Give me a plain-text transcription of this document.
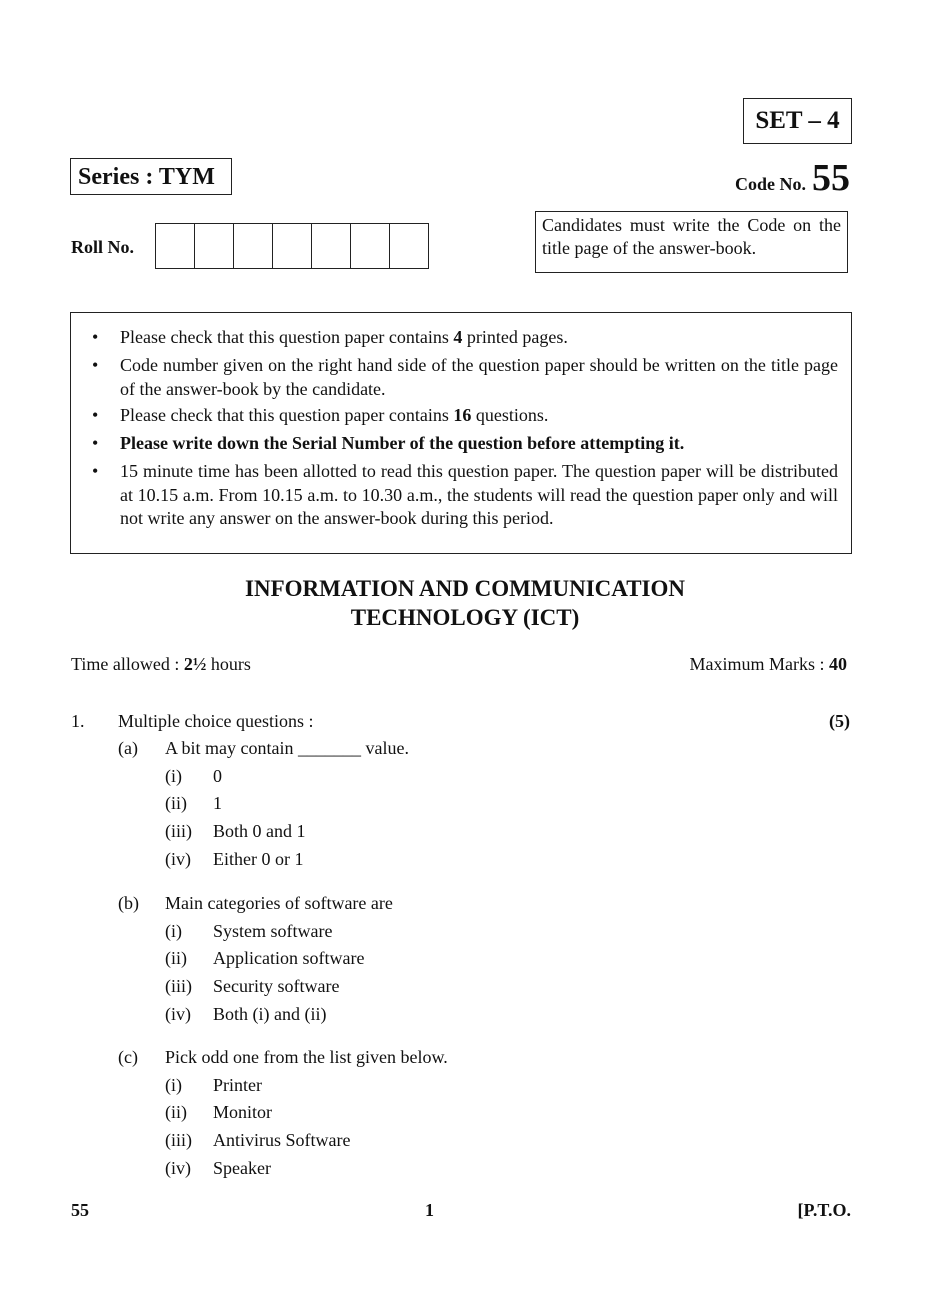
SET – 4
Series : TYM	Code No. 55
Roll No.
Candidates must write the Code on the title page of the answer-book.
• Please check that this question paper contains 4 printed pages.
• Code number given on the right hand side of the question paper should be written on the title page of the answer-book by the candidate.
• Please check that this question paper contains 16 questions.
• Please write down the Serial Number of the question before attempting it.
• 15 minute time has been allotted to read this question paper. The question paper will be distributed at 10.15 a.m. From 10.15 a.m. to 10.30 a.m., the students will read the question paper only and will not write any answer on the answer-book during this period.
INFORMATION AND COMMUNICATION
TECHNOLOGY (ICT)
Time allowed : 2½ hours	Maximum Marks : 40
1. Multiple choice questions :	(5)
(a) A bit may contain _______ value.
(i) 0
(ii) 1
(iii) Both 0 and 1
(iv) Either 0 or 1
(b) Main categories of software are
(i) System software
(ii) Application software
(iii) Security software
(iv) Both (i) and (ii)
(c) Pick odd one from the list given below.
(i) Printer
(ii) Monitor
(iii) Antivirus Software
(iv) Speaker
55	1	[P.T.O.
